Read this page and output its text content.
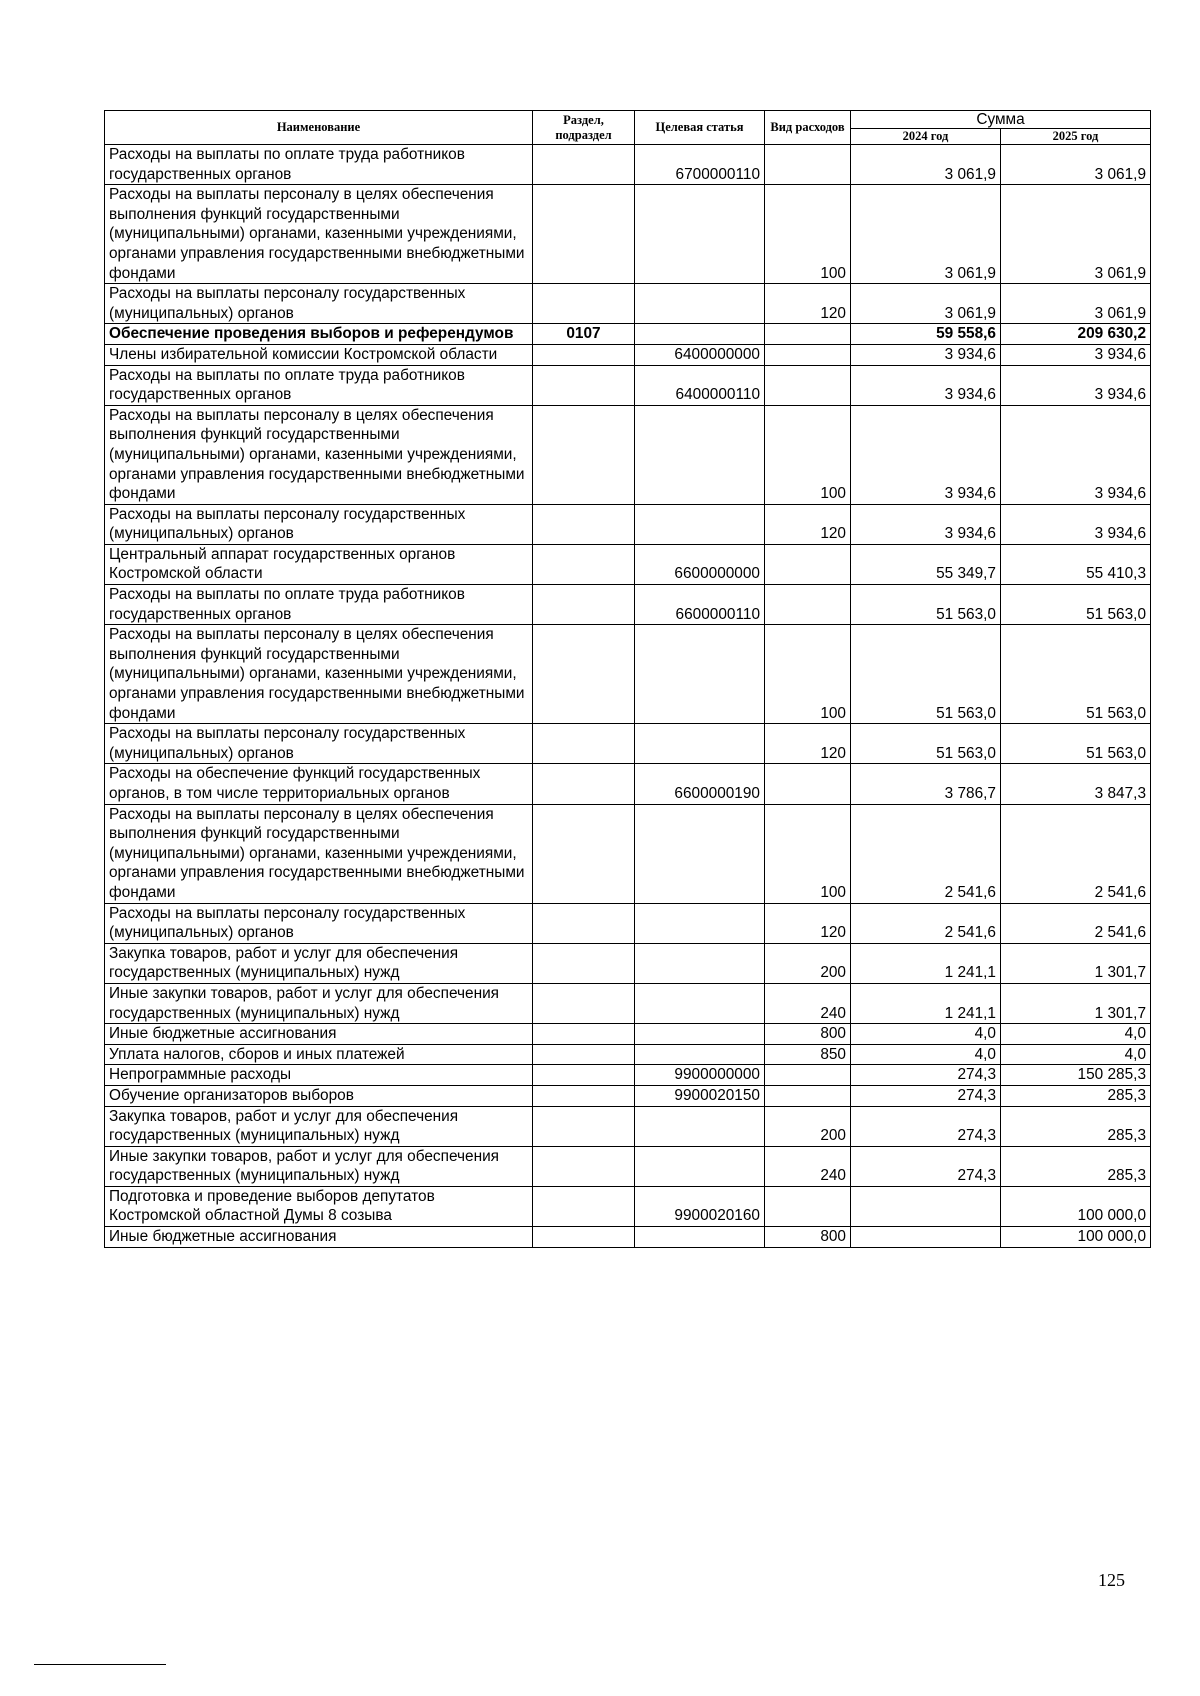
Наименование	Раздел, подраздел	Целевая статья	Вид расходов	Сумма	
				2024 год	2025 год
Расходы на выплаты по оплате труда работников государственных органов		6700000110		3 061,9	3 061,9
Расходы на выплаты персоналу в целях обеспечения выполнения функций государственными (муниципальными) органами, казенными учреждениями, органами управления государственными внебюджетными фондами			100	3 061,9	3 061,9
Расходы на выплаты персоналу государственных (муниципальных) органов			120	3 061,9	3 061,9
Обеспечение проведения выборов и референдумов	0107			59 558,6	209 630,2
Члены избирательной комиссии Костромской области		6400000000		3 934,6	3 934,6
Расходы на выплаты по оплате труда работников государственных органов		6400000110		3 934,6	3 934,6
Расходы на выплаты персоналу в целях обеспечения выполнения функций государственными (муниципальными) органами, казенными учреждениями, органами управления государственными внебюджетными фондами			100	3 934,6	3 934,6
Расходы на выплаты персоналу государственных (муниципальных) органов			120	3 934,6	3 934,6
Центральный аппарат государственных органов Костромской области		6600000000		55 349,7	55 410,3
Расходы на выплаты по оплате труда работников государственных органов		6600000110		51 563,0	51 563,0
Расходы на выплаты персоналу в целях обеспечения выполнения функций государственными (муниципальными) органами, казенными учреждениями, органами управления государственными внебюджетными фондами			100	51 563,0	51 563,0
Расходы на выплаты персоналу государственных (муниципальных) органов			120	51 563,0	51 563,0
Расходы на обеспечение функций государственных органов, в том числе территориальных органов		6600000190		3 786,7	3 847,3
Расходы на выплаты персоналу в целях обеспечения выполнения функций государственными (муниципальными) органами, казенными учреждениями, органами управления государственными внебюджетными фондами			100	2 541,6	2 541,6
Расходы на выплаты персоналу государственных (муниципальных) органов			120	2 541,6	2 541,6
Закупка товаров, работ и услуг для обеспечения государственных (муниципальных) нужд			200	1 241,1	1 301,7
Иные закупки товаров, работ и услуг для обеспечения государственных (муниципальных) нужд			240	1 241,1	1 301,7
Иные бюджетные ассигнования			800	4,0	4,0
Уплата налогов, сборов и иных платежей			850	4,0	4,0
Непрограммные расходы		9900000000		274,3	150 285,3
Обучение организаторов выборов		9900020150		274,3	285,3
Закупка товаров, работ и услуг для обеспечения государственных (муниципальных) нужд			200	274,3	285,3
Иные закупки товаров, работ и услуг для обеспечения государственных (муниципальных) нужд			240	274,3	285,3
Подготовка и проведение выборов депутатов Костромской областной Думы 8 созыва		9900020160			100 000,0
Иные бюджетные ассигнования			800		100 000,0
125
